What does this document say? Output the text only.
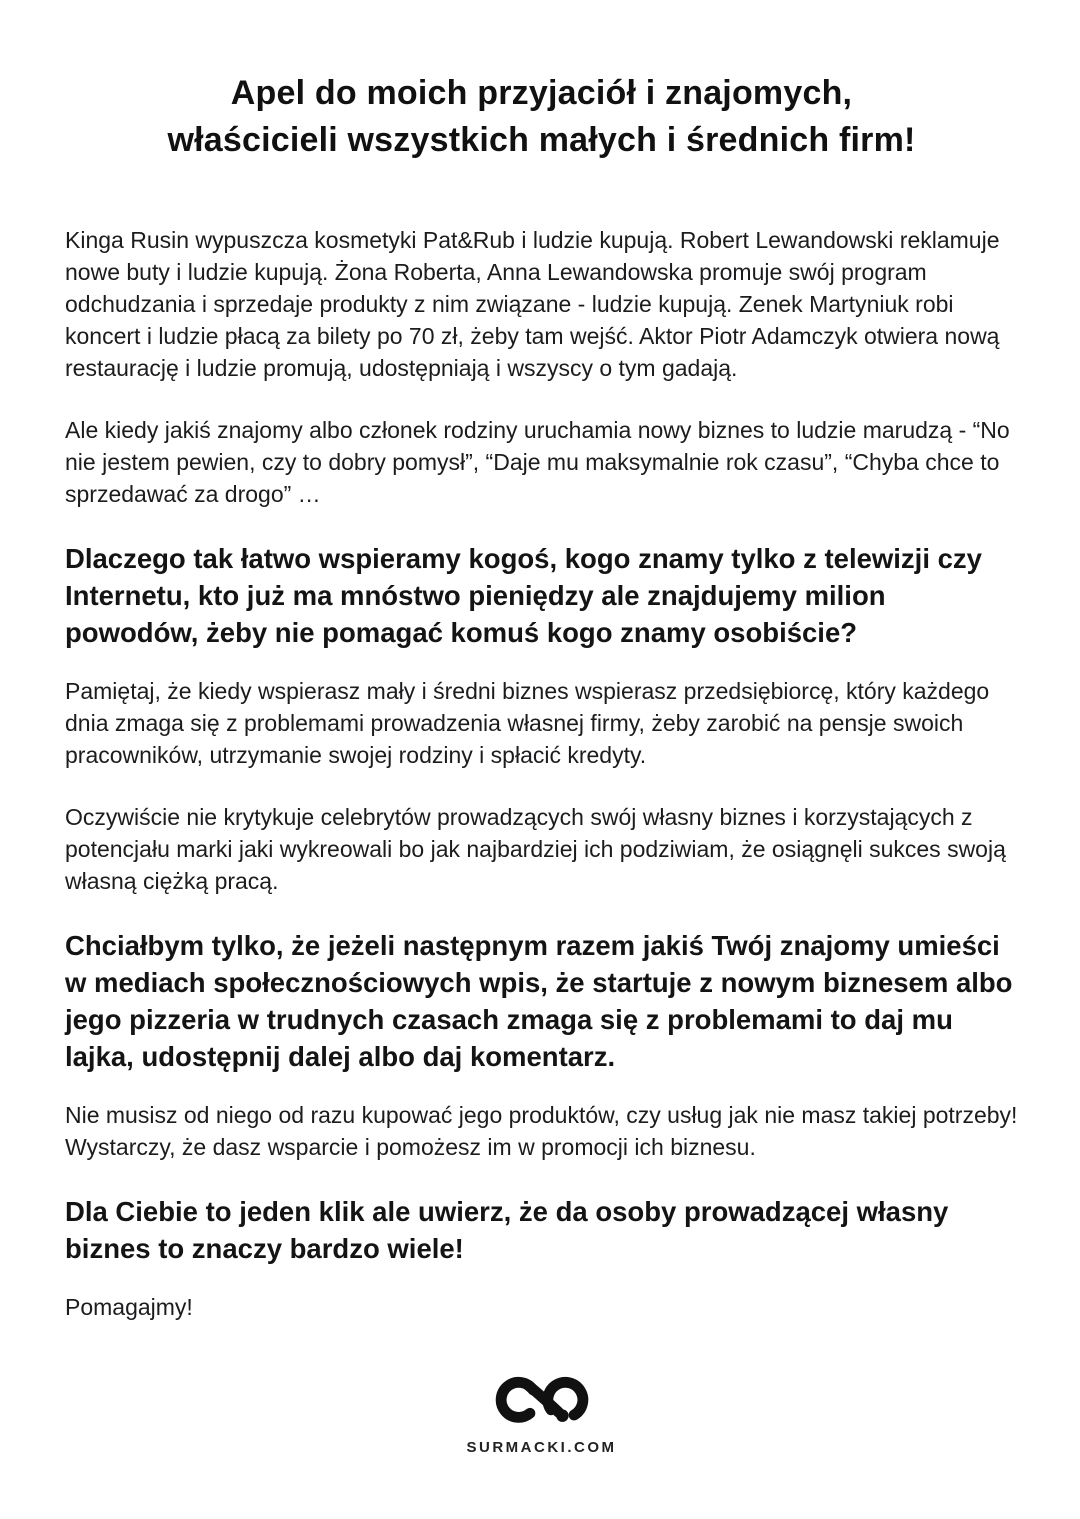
Apel do moich przyjaciół i znajomych,
właścicieli wszystkich małych i średnich firm!

Kinga Rusin wypuszcza kosmetyki Pat&Rub i ludzie kupują. Robert Lewandowski reklamuje nowe buty i ludzie kupują. Żona Roberta, Anna Lewandowska promuje swój program odchudzania i sprzedaje produkty z nim związane - ludzie kupują. Zenek Martyniuk robi koncert i ludzie płacą za bilety po 70 zł, żeby tam wejść. Aktor Piotr Adamczyk otwiera nową restaurację i ludzie promują, udostępniają i wszyscy o tym gadają.

Ale kiedy jakiś znajomy albo członek rodziny uruchamia nowy biznes to ludzie marudzą - “No nie jestem pewien, czy to dobry pomysł”, “Daje mu maksymalnie rok czasu”, “Chyba chce to sprzedawać za drogo” …

Dlaczego tak łatwo wspieramy kogoś, kogo znamy tylko z telewizji czy Internetu, kto już ma mnóstwo pieniędzy ale znajdujemy milion powodów, żeby nie pomagać komuś kogo znamy osobiście?

Pamiętaj, że kiedy wspierasz mały i średni biznes wspierasz przedsiębiorcę, który każdego dnia zmaga się z problemami prowadzenia własnej firmy, żeby zarobić na pensje swoich pracowników, utrzymanie swojej rodziny i spłacić kredyty.

Oczywiście nie krytykuje celebrytów prowadzących swój własny biznes i korzystających z potencjału marki jaki wykreowali bo jak najbardziej ich podziwiam, że osiągnęli sukces swoją własną ciężką pracą.

Chciałbym tylko, że jeżeli następnym razem jakiś Twój znajomy umieści w mediach społecznościowych wpis, że startuje z nowym biznesem albo jego pizzeria w trudnych czasach zmaga się z problemami to daj mu lajka, udostępnij dalej albo daj komentarz.

Nie musisz od niego od razu kupować jego produktów, czy usług jak nie masz takiej potrzeby! Wystarczy, że dasz wsparcie i pomożesz im w promocji ich biznesu.

Dla Ciebie to jeden klik ale uwierz, że da osoby prowadzącej własny biznes to znaczy bardzo wiele!

Pomagajmy!

SURMACKI.COM
